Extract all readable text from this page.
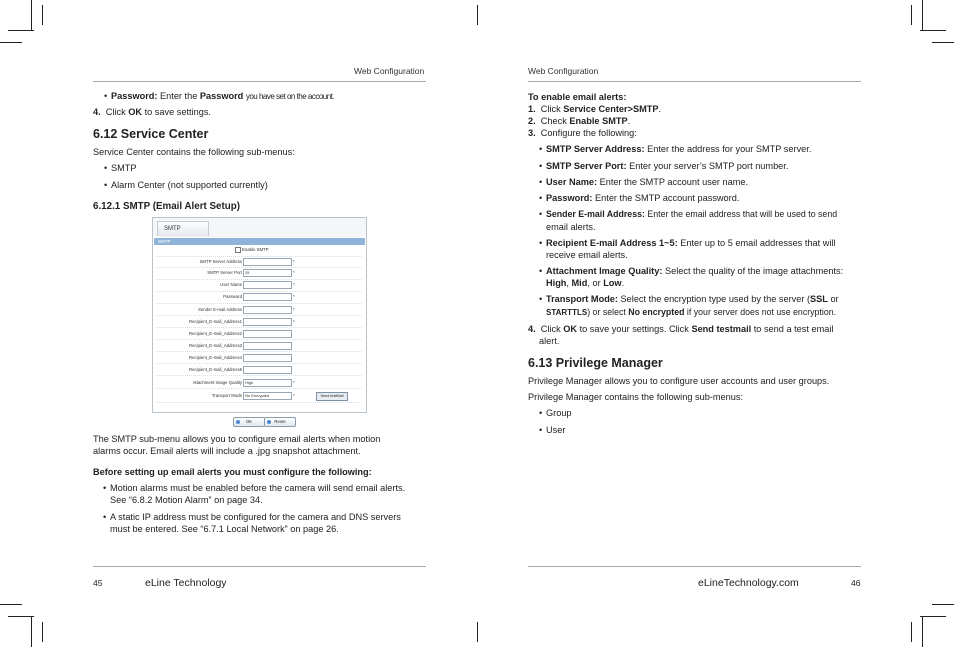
Web Configuration
• Password: Enter the Password you have set on the account.
4. Click OK to save settings.
6.12 Service Center
Service Center contains the following sub-menus:
• SMTP
• Alarm Center (not supported currently)
6.12.1 SMTP (Email Alert Setup)
SMTP
SMTP
Enable SMTP
SMTP Server Address	*
SMTP Server Port 25	*
User Name	*
Password	*
Sender E-mail Address	*
Recipient_E-mail_Address1	*
Recipient_E-mail_Address2
Recipient_E-mail_Address3
Recipient_E-mail_Address4
Recipient_E-mail_Address5
Attachment Image Quality High	*
Transport Mode No Encrypted	*	Send testMail
OK	Reset
The SMTP sub-menu allows you to configure email alerts when motion
alarms occur. Email alerts will include a .jpg snapshot attachment.
Before setting up email alerts you must configure the following:
• Motion alarms must be enabled before the camera will send email alerts.
See “6.8.2 Motion Alarm” on page 34.
• A static IP address must be configured for the camera and DNS servers
must be entered. See “6.7.1 Local Network” on page 26.
45	eLine Technology
Web Configuration
To enable email alerts:
1. Click Service Center>SMTP.
2. Check Enable SMTP.
3. Configure the following:
• SMTP Server Address: Enter the address for your SMTP server.
• SMTP Server Port: Enter your server’s SMTP port number.
• User Name: Enter the SMTP account user name.
• Password: Enter the SMTP account password.
• Sender E-mail Address: Enter the email address that will be used to send
email alerts.
• Recipient E-mail Address 1~5: Enter up to 5 email addresses that will
receive email alerts.
• Attachment Image Quality: Select the quality of the image attachments:
High, Mid, or Low.
• Transport Mode: Select the encryption type used by the server (SSL or
STARTTLS) or select No encrypted if your server does not use encryption.
4. Click OK to save your settings. Click Send testmail to send a test email
alert.
6.13 Privilege Manager
Privilege Manager allows you to configure user accounts and user groups.
Privilege Manager contains the following sub-menus:
• Group
• User
eLineTechnology.com	46
